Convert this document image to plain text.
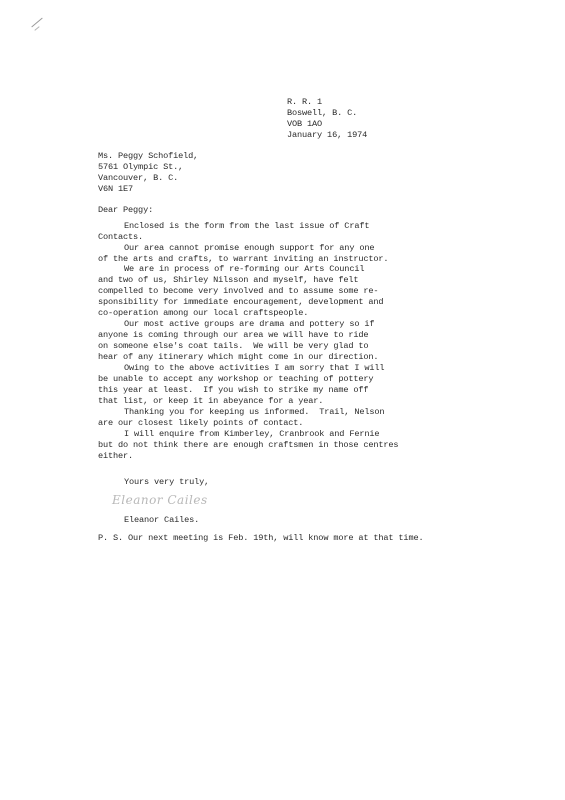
R. R. 1
Boswell, B. C.
VOB 1AO
January 16, 1974
Ms. Peggy Schofield,
5761 Olympic St.,
Vancouver, B. C.
V6N 1E7
Dear Peggy:
Enclosed is the form from the last issue of Craft
Contacts.
Our area cannot promise enough support for any one
of the arts and crafts, to warrant inviting an instructor.
We are in process of re-forming our Arts Council
and two of us, Shirley Nilsson and myself, have felt
compelled to become very involved and to assume some re-
sponsibility for immediate encouragement, development and
co-operation among our local craftspeople.
Our most active groups are drama and pottery so if
anyone is coming through our area we will have to ride
on someone else's coat tails.  We will be very glad to
hear of any itinerary which might come in our direction.
Owing to the above activities I am sorry that I will
be unable to accept any workshop or teaching of pottery
this year at least.  If you wish to strike my name off
that list, or keep it in abeyance for a year.
Thanking you for keeping us informed.  Trail, Nelson
are our closest likely points of contact.
I will enquire from Kimberley, Cranbrook and Fernie
but do not think there are enough craftsmen in those centres
either.
Yours very truly,
Eleanor Cailes
Eleanor Cailes.
P. S. Our next meeting is Feb. 19th, will know more at that time.
